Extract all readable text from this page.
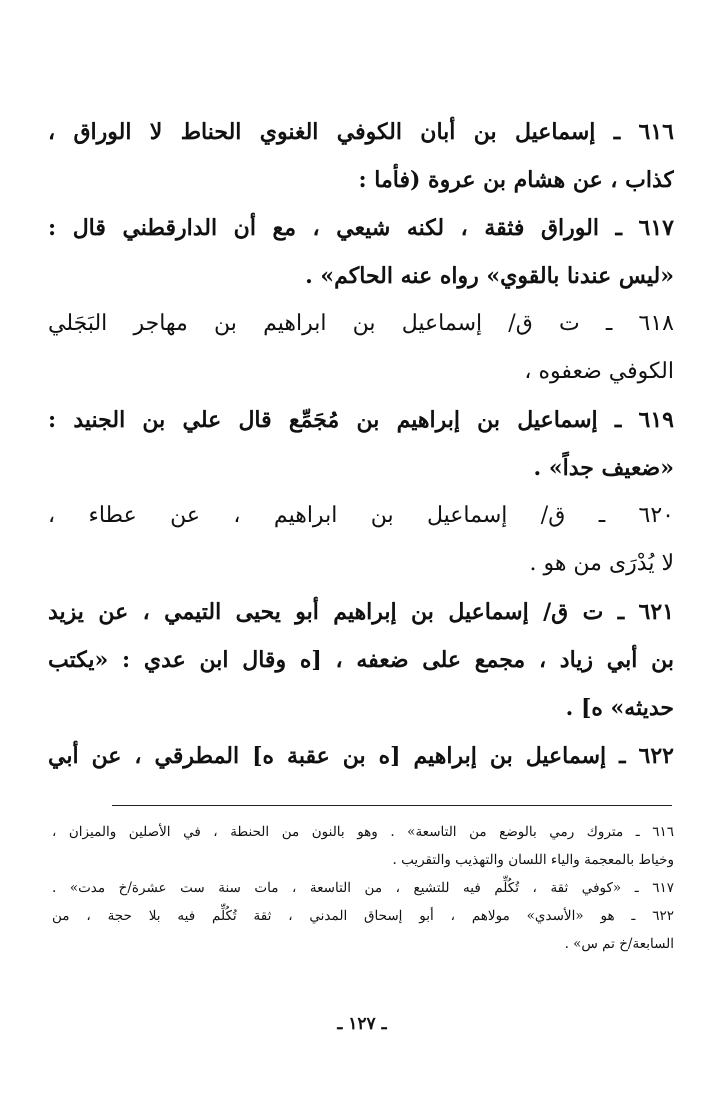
٦١٦ ـ إسماعيل بن أبان الكوفي الغنوي الحناط لا الوراق ،
كذاب ، عن هشام بن عروة (فأما :
٦١٧ ـ الوراق فثقة ، لكنه شيعي ، مع أن الدارقطني قال :
«ليس عندنا بالقوي» رواه عنه الحاكم» .
٦١٨ ـ ت ق/ إسماعيل بن ابراهيم بن مهاجر البَجَلي
الكوفي ضعفوه ،
٦١٩ ـ إسماعيل بن إبراهيم بن مُجَمِّع قال علي بن الجنيد :
«ضعيف جداً» .
٦٢٠ ـ ق/ إسماعيل بن ابراهيم ، عن عطاء ،
لا يُدْرَى من هو .
٦٢١ ـ ت ق/ إسماعيل بن إبراهيم أبو يحيى التيمي ، عن يزيد
بن أبي زياد ، مجمع على ضعفه ، [ه وقال ابن عدي : «يكتب
حديثه» ه] .
٦٢٢ ـ إسماعيل بن إبراهيم [ه بن عقبة ه] المطرقي ، عن أبي
٦١٦ ـ متروك رمي بالوضع من التاسعة» . وهو بالنون من الحنطة ، في الأصلين والميزان ،
وخياط بالمعجمة والياء اللسان والتهذيب والتقريب .
٦١٧ ـ «كوفي ثقة ، تُكُلِّم فيه للتشيع ، من التاسعة ، مات سنة ست عشرة/خ مدت» .
٦٢٢ ـ هو «الأسدي» مولاهم ، أبو إسحاق المدني ، ثقة تُكُلِّم فيه بلا حجة ، من
السابعة/خ تم س» .
ـ ١٢٧ ـ
